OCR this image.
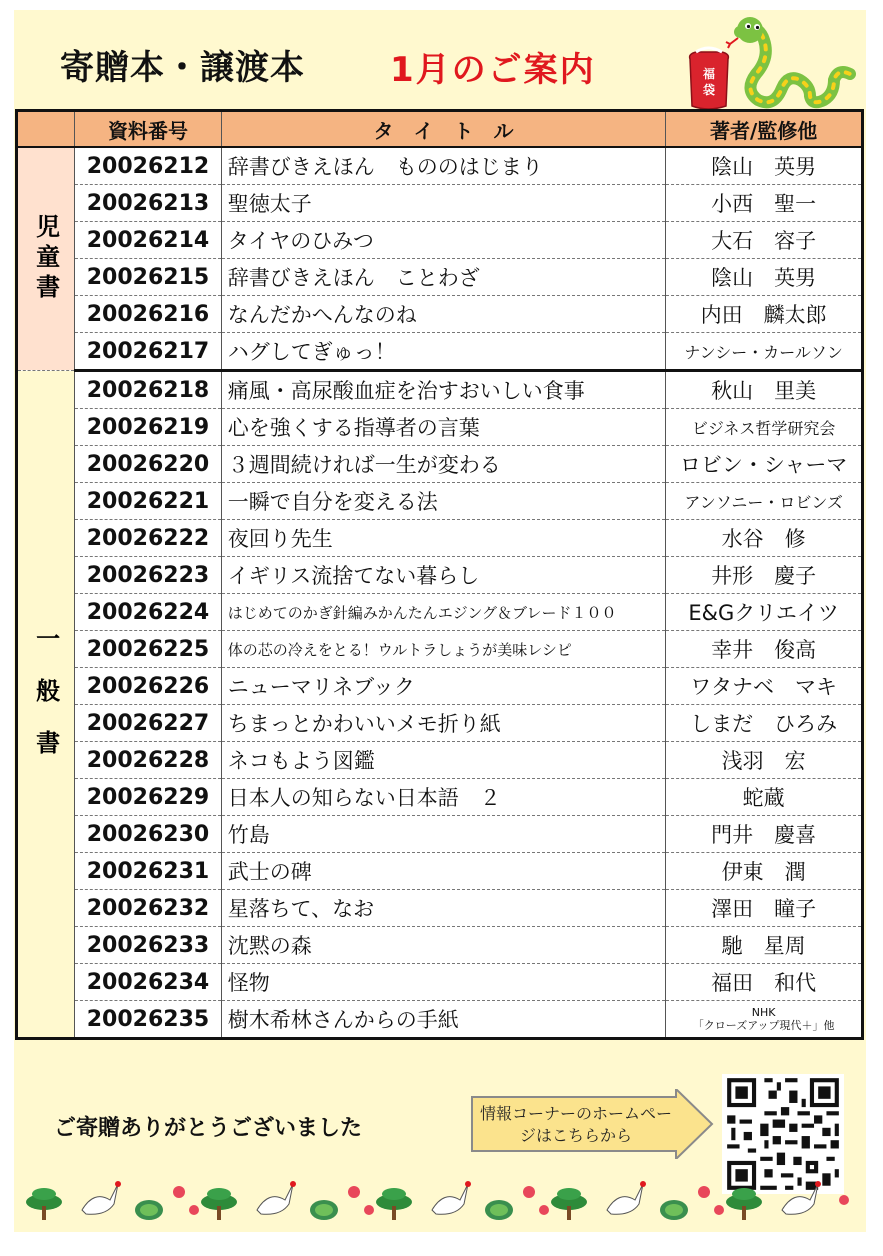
寄贈本・譲渡本	1月のご案内	福
袋
	資料番号	タ　イ　ト　ル	著者/監修他
児童書	20026212	辞書びきえほん　もののはじまり	陰山　英男
	20026213	聖徳太子	小西　聖一
	20026214	タイヤのひみつ	大石　容子
	20026215	辞書びきえほん　ことわざ	陰山　英男
	20026216	なんだかへんなのね	内田　麟太郎
	20026217	ハグしてぎゅっ！	ナンシー・カールソン
一般書	20026218	痛風・高尿酸血症を治すおいしい食事	秋山　里美
	20026219	心を強くする指導者の言葉	ビジネス哲学研究会
	20026220	３週間続ければ一生が変わる	ロビン・シャーマ
	20026221	一瞬で自分を変える法	アンソニー・ロビンズ
	20026222	夜回り先生	水谷　修
	20026223	イギリス流捨てない暮らし	井形　慶子
	20026224	はじめてのかぎ針編みかんたんエジング＆ブレード１００	E&Gクリエイツ
	20026225	体の芯の冷えをとる！ウルトラしょうが美味レシピ	幸井　俊高
	20026226	ニューマリネブック	ワタナベ　マキ
	20026227	ちまっとかわいいメモ折り紙	しまだ　ひろみ
	20026228	ネコもよう図鑑	浅羽　宏
	20026229	日本人の知らない日本語　２	蛇蔵
	20026230	竹島	門井　慶喜
	20026231	武士の碑	伊東　潤
	20026232	星落ちて、なお	澤田　瞳子
	20026233	沈黙の森	馳　星周
	20026234	怪物	福田　和代
	20026235	樹木希林さんからの手紙	NHK
「クローズアップ現代＋」他
ご寄贈ありがとうございました
情報コーナーのホームページはこちらから
